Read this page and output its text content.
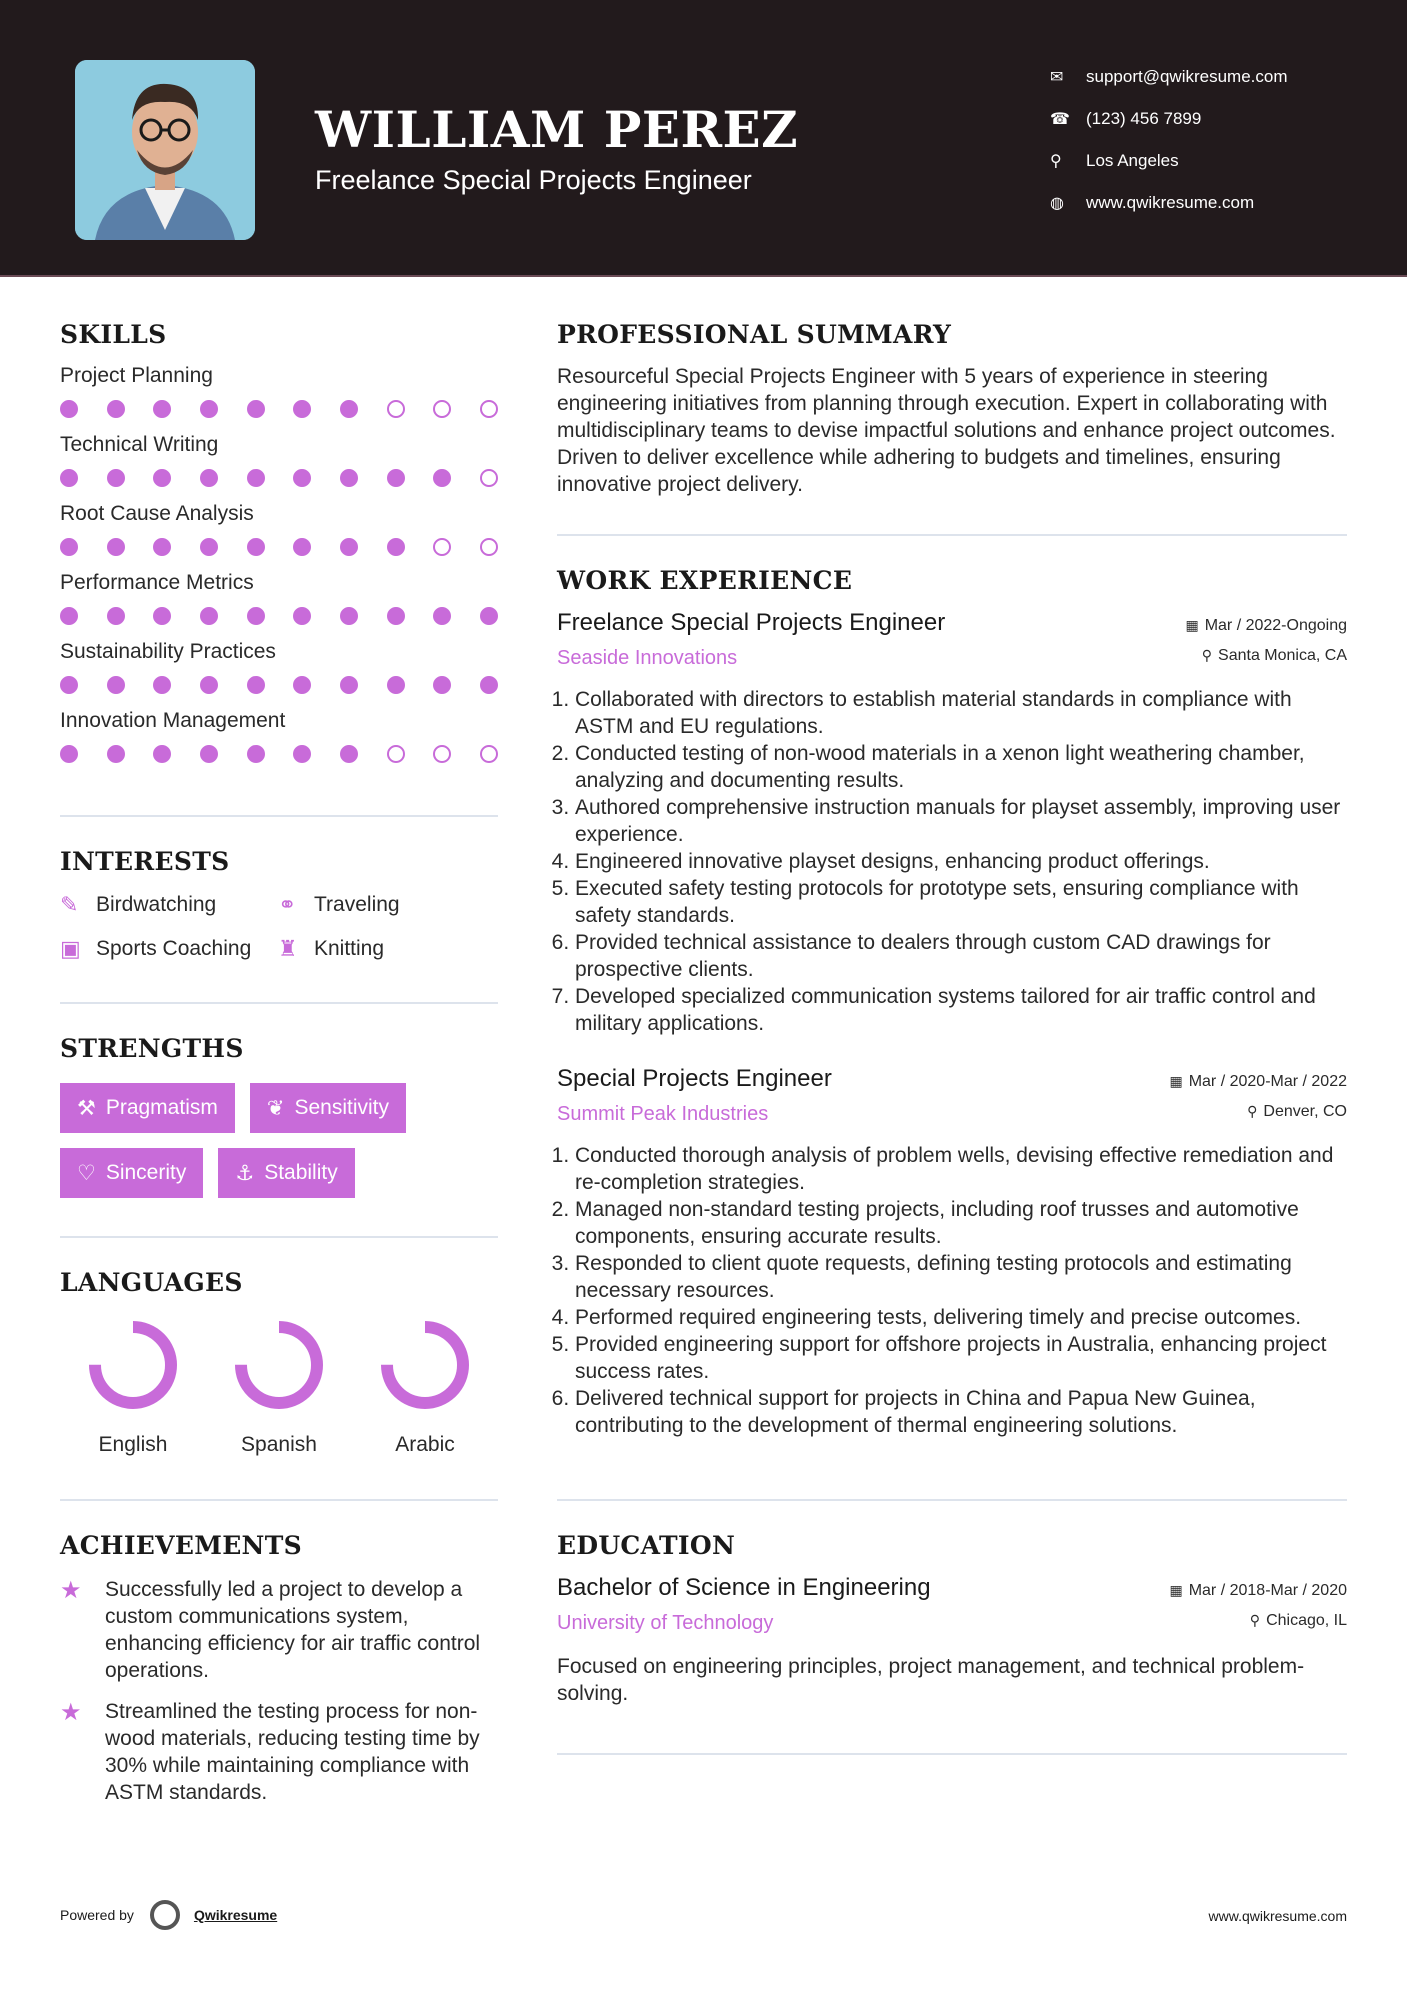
WILLIAM PEREZ
Freelance Special Projects Engineer
✉	support@qwikresume.com
☎ (123) 456 7899
⚲	Los Angeles
◍	www.qwikresume.com
SKILLS
Project Planning
Technical Writing
Root Cause Analysis
Performance Metrics
Sustainability Practices
Innovation Management
INTERESTS
✎ Birdwatching	⚭ Traveling
▣ Sports Coaching ♜ Knitting
STRENGTHS
⚒ Pragmatism ❦ Sensitivity
♡ Sincerity ⚓ Stability
LANGUAGES
English	Spanish	Arabic
ACHIEVEMENTS
★	Successfully led a project to develop a custom communications system, enhancing efficiency for air traffic control operations.
★	Streamlined the testing process for non-wood materials, reducing testing time by 30% while maintaining compliance with ASTM standards.
PROFESSIONAL SUMMARY
Resourceful Special Projects Engineer with 5 years of experience in steering engineering initiatives from planning through execution. Expert in collaborating with multidisciplinary teams to devise impactful solutions and enhance project outcomes. Driven to deliver excellence while adhering to budgets and timelines, ensuring innovative project delivery.
WORK EXPERIENCE
Freelance Special Projects Engineer	▦ Mar / 2022-Ongoing
Seaside Innovations	⚲ Santa Monica, CA
1. Collaborated with directors to establish material standards in compliance with ASTM and EU regulations.
2. Conducted testing of non-wood materials in a xenon light weathering chamber, analyzing and documenting results.
3. Authored comprehensive instruction manuals for playset assembly, improving user experience.
4. Engineered innovative playset designs, enhancing product offerings.
5. Executed safety testing protocols for prototype sets, ensuring compliance with safety standards.
6. Provided technical assistance to dealers through custom CAD drawings for prospective clients.
7. Developed specialized communication systems tailored for air traffic control and military applications.
Special Projects Engineer	▦ Mar / 2020-Mar / 2022
Summit Peak Industries	⚲ Denver, CO
1. Conducted thorough analysis of problem wells, devising effective remediation and re-completion strategies.
2. Managed non-standard testing projects, including roof trusses and automotive components, ensuring accurate results.
3. Responded to client quote requests, defining testing protocols and estimating necessary resources.
4. Performed required engineering tests, delivering timely and precise outcomes.
5. Provided engineering support for offshore projects in Australia, enhancing project success rates.
6. Delivered technical support for projects in China and Papua New Guinea, contributing to the development of thermal engineering solutions.
EDUCATION
Bachelor of Science in Engineering	▦ Mar / 2018-Mar / 2020
University of Technology	⚲ Chicago, IL
Focused on engineering principles, project management, and technical problem-solving.
Powered by	Qwikresume	www.qwikresume.com
